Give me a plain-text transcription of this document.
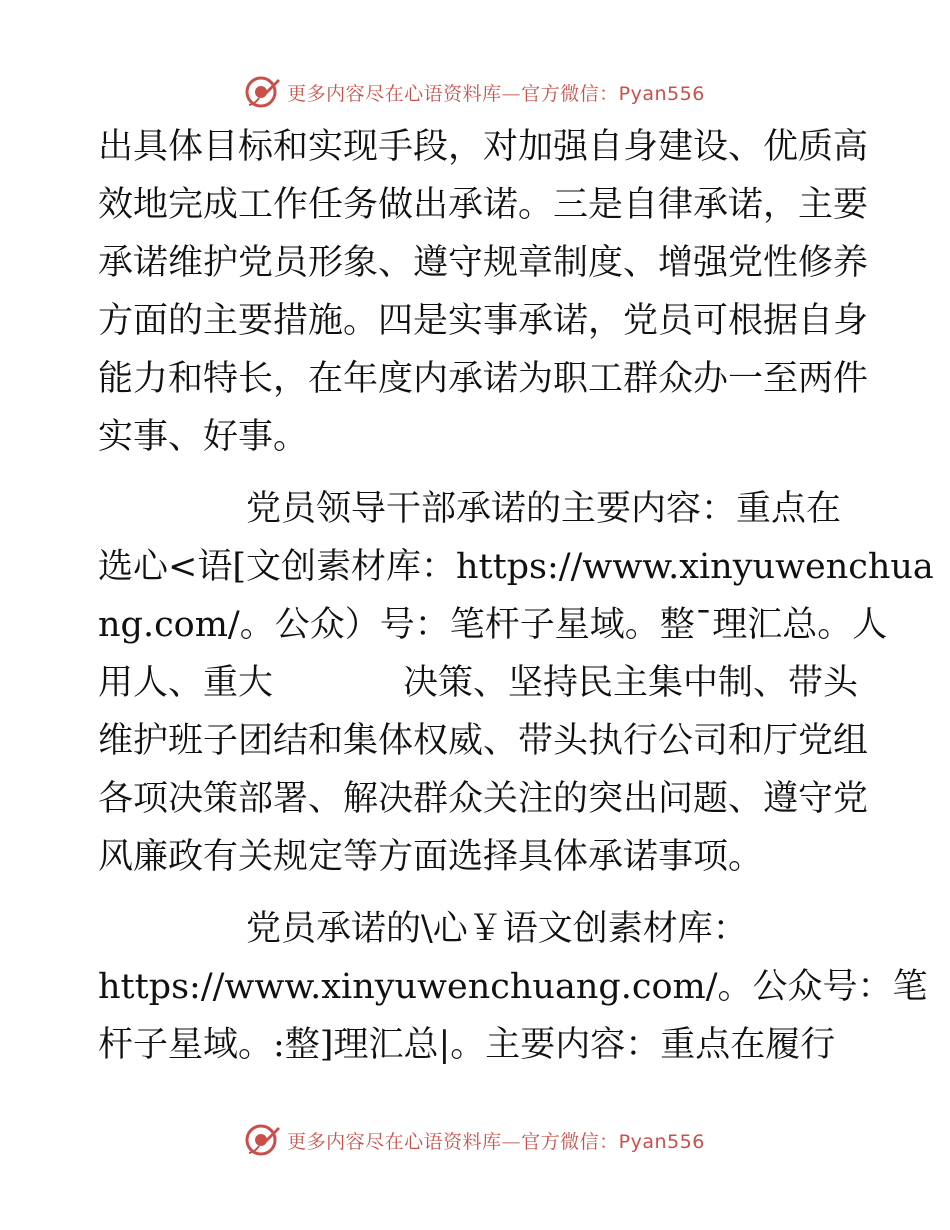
更多内容尽在心语资料库—官方微信：Pyan556
出具体目标和实现手段，对加强自身建设、优质高
效地完成工作任务做出承诺。三是自律承诺，主要
承诺维护党员形象、遵守规章制度、增强党性修养
方面的主要措施。四是实事承诺，党员可根据自身
能力和特长，在年度内承诺为职工群众办一至两件
实事、好事。
党员领导干部承诺的主要内容：重点在
选心<语[文创素材库：https://www.xinyuwenchua
ng.com/。公众）号：笔杆子星域。整¯理汇总。人
用人、重大	决策、坚持民主集中制、带头
维护班子团结和集体权威、带头执行公司和厅党组
各项决策部署、解决群众关注的突出问题、遵守党
风廉政有关规定等方面选择具体承诺事项。
党员承诺的\心￥语文创素材库：
https://www.xinyuwenchuang.com/。公众号：笔
杆子星域。:整]理汇总|。主要内容：重点在履行
更多内容尽在心语资料库—官方微信：Pyan556
